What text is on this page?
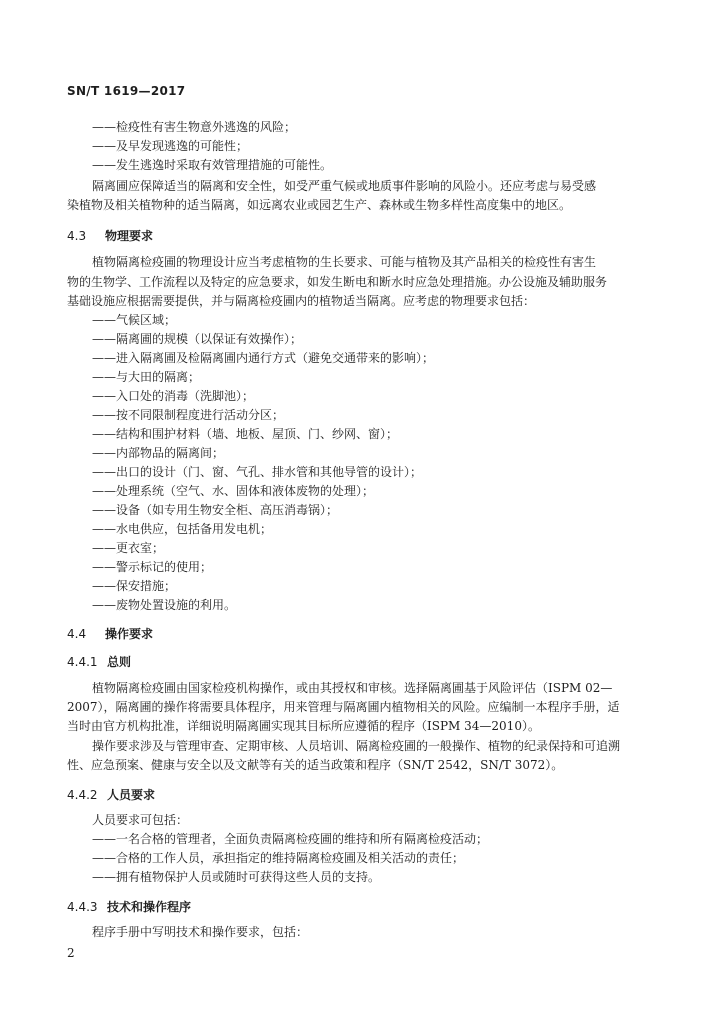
SN/T 1619—2017
——检疫性有害生物意外逃逸的风险；
——及早发现逃逸的可能性；
——发生逃逸时采取有效管理措施的可能性。
隔离圃应保障适当的隔离和安全性，如受严重气候或地质事件影响的风险小。还应考虑与易受感
染植物及相关植物种的适当隔离，如远离农业或园艺生产、森林或生物多样性高度集中的地区。
4.3 物理要求
植物隔离检疫圃的物理设计应当考虑植物的生长要求、可能与植物及其产品相关的检疫性有害生
物的生物学、工作流程以及特定的应急要求，如发生断电和断水时应急处理措施。办公设施及辅助服务
基础设施应根据需要提供，并与隔离检疫圃内的植物适当隔离。应考虑的物理要求包括：
——气候区域；
——隔离圃的规模（以保证有效操作）；
——进入隔离圃及检隔离圃内通行方式（避免交通带来的影响）；
——与大田的隔离；
——入口处的消毒（洗脚池）；
——按不同限制程度进行活动分区；
——结构和围护材料（墙、地板、屋顶、门、纱网、窗）；
——内部物品的隔离间；
——出口的设计（门、窗、气孔、排水管和其他导管的设计）；
——处理系统（空气、水、固体和液体废物的处理）；
——设备（如专用生物安全柜、高压消毒锅）；
——水电供应，包括备用发电机；
——更衣室；
——警示标记的使用；
——保安措施；
——废物处置设施的利用。
4.4 操作要求
4.4.1 总则
植物隔离检疫圃由国家检疫机构操作，或由其授权和审核。选择隔离圃基于风险评估（ISPM 02—
2007），隔离圃的操作将需要具体程序，用来管理与隔离圃内植物相关的风险。应编制一本程序手册，适
当时由官方机构批准，详细说明隔离圃实现其目标所应遵循的程序（ISPM 34—2010）。
操作要求涉及与管理审查、定期审核、人员培训、隔离检疫圃的一般操作、植物的纪录保持和可追溯
性、应急预案、健康与安全以及文献等有关的适当政策和程序（SN/T 2542，SN/T 3072）。
4.4.2 人员要求
人员要求可包括：
——一名合格的管理者，全面负责隔离检疫圃的维持和所有隔离检疫活动；
——合格的工作人员，承担指定的维持隔离检疫圃及相关活动的责任；
——拥有植物保护人员或随时可获得这些人员的支持。
4.4.3 技术和操作程序
程序手册中写明技术和操作要求，包括：
2
